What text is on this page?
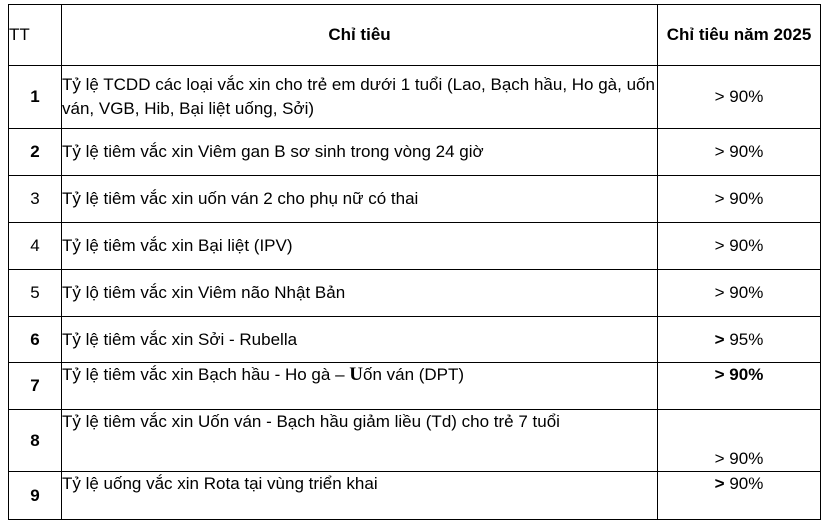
TT	Chỉ tiêu	Chỉ tiêu năm 2025
1	Tỷ lệ TCDD các loại vắc xin cho trẻ em dưới 1 tuổi (Lao, Bạch hầu, Ho gà, uốn ván, VGB, Hib, Bại liệt uống, Sởi)	> 90%
2	Tỷ lệ tiêm vắc xin Viêm gan B sơ sinh trong vòng 24 giờ	> 90%
3	Tỷ lệ tiêm vắc xin uốn ván 2 cho phụ nữ có thai	> 90%
4	Tỷ lệ tiêm vắc xin Bại liệt (IPV)	> 90%
5	Tỷ lộ tiêm vắc xin Viêm não Nhật Bản	> 90%
6	Tỷ lệ tiêm vắc xin Sởi - Rubella	> 95%
7	Tỷ lệ tiêm vắc xin Bạch hầu - Ho gà – Uốn ván (DPT)	> 90%
8	Tỷ lệ tiêm vắc xin Uốn ván - Bạch hầu giảm liều (Td) cho trẻ 7 tuổi	> 90%
9	Tỷ lệ uống vắc xin Rota tại vùng triển khai	> 90%
